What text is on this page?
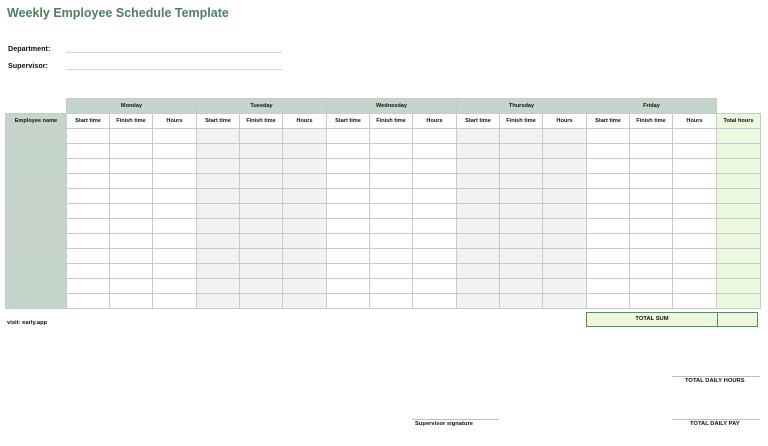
Weekly Employee Schedule Template
Department:
Supervisor:
	Monday			Tuesday			Wednesday			Thursday			Friday			
Employee name	Start time	Finish time	Hours	Start time	Finish time	Hours	Start time	Finish time	Hours	Start time	Finish time	Hours	Start time	Finish time	Hours	Total hours

visit: early.app
TOTAL SUM
TOTAL DAILY HOURS
Supervisor signature	TOTAL DAILY PAY
